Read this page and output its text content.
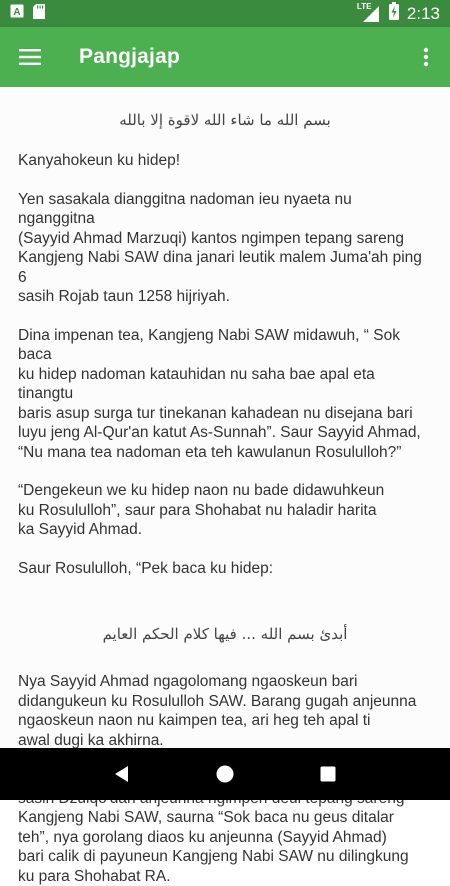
A
LTE 2:13
Pangjajap
بسم الله ما شاء الله لاقوة إلا بالله
Kanyahokeun ku hidep!
Yen sasakala dianggitna nadoman ieu nyaeta nu nganggitna
(Sayyid Ahmad Marzuqi) kantos ngimpen tepang sareng
Kangjeng Nabi SAW dina janari leutik malem Juma'ah ping 6
sasih Rojab taun 1258 hijriyah.
Dina impenan tea, Kangjeng Nabi SAW midawuh, “ Sok baca
ku hidep nadoman katauhidan nu saha bae apal eta tinangtu
baris asup surga tur tinekanan kahadean nu disejana bari
luyu jeng Al-Qur'an katut As-Sunnah”. Saur Sayyid Ahmad,
“Nu mana tea nadoman eta teh kawulanun Rosululloh?”
“Dengekeun we ku hidep naon nu bade didawuhkeun
ku Rosululloh”, saur para Shohabat nu haladir harita
ka Sayyid Ahmad.
Saur Rosululloh, “Pek baca ku hidep:
أبدئ بسم الله ... فيها كلام الحكم العايم
Nya Sayyid Ahmad ngagolomang ngaoskeun bari
didangukeun ku Rosululloh SAW. Barang gugah anjeunna
ngaoskeun naon nu kaimpen tea, ari heg teh apal ti
awal dugi ka akhirna.

Kangjeng Nabi SAW, saurna “Sok baca nu geus ditalar
teh”, nya gorolang diaos ku anjeunna (Sayyid Ahmad)
bari calik di payuneun Kangjeng Nabi SAW nu dilingkung
ku para Shohabat RA.
